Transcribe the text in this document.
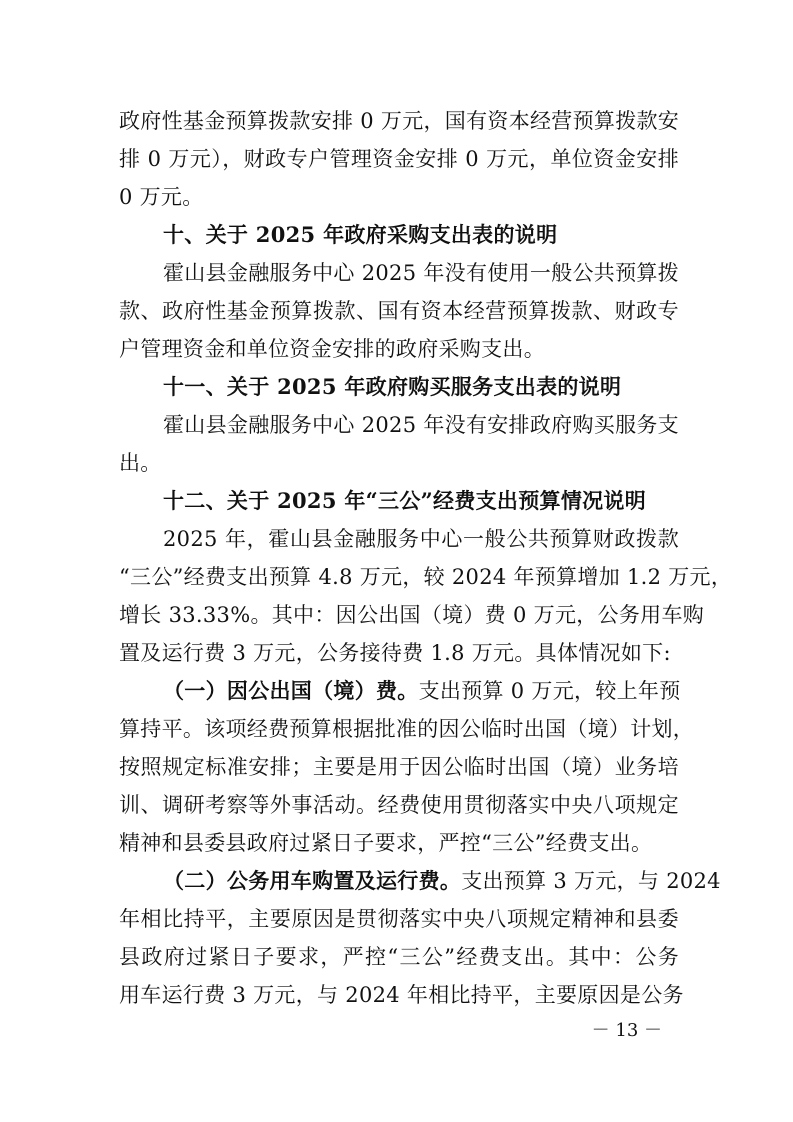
政府性基金预算拨款安排 0 万元，国有资本经营预算拨款安
排 0 万元），财政专户管理资金安排 0 万元，单位资金安排
0 万元。
十、关于 2025 年政府采购支出表的说明
霍山县金融服务中心 2025 年没有使用一般公共预算拨
款、政府性基金预算拨款、国有资本经营预算拨款、财政专
户管理资金和单位资金安排的政府采购支出。
十一、关于 2025 年政府购买服务支出表的说明
霍山县金融服务中心 2025 年没有安排政府购买服务支
出。
十二、关于 2025 年“三公”经费支出预算情况说明
2025 年，霍山县金融服务中心一般公共预算财政拨款
“三公”经费支出预算 4.8 万元，较 2024 年预算增加 1.2 万元，
增长 33.33%。其中：因公出国（境）费 0 万元，公务用车购
置及运行费 3 万元，公务接待费 1.8 万元。具体情况如下:
（一）因公出国（境）费。支出预算 0 万元，较上年预
算持平。该项经费预算根据批准的因公临时出国（境）计划，
按照规定标准安排；主要是用于因公临时出国（境）业务培
训、调研考察等外事活动。经费使用贯彻落实中央八项规定
精神和县委县政府过紧日子要求，严控“三公”经费支出。
（二）公务用车购置及运行费。支出预算 3 万元，与 2024
年相比持平，主要原因是贯彻落实中央八项规定精神和县委
县政府过紧日子要求，严控“三公”经费支出。其中：公务
用车运行费 3 万元，与 2024 年相比持平，主要原因是公务
－ 13 －
